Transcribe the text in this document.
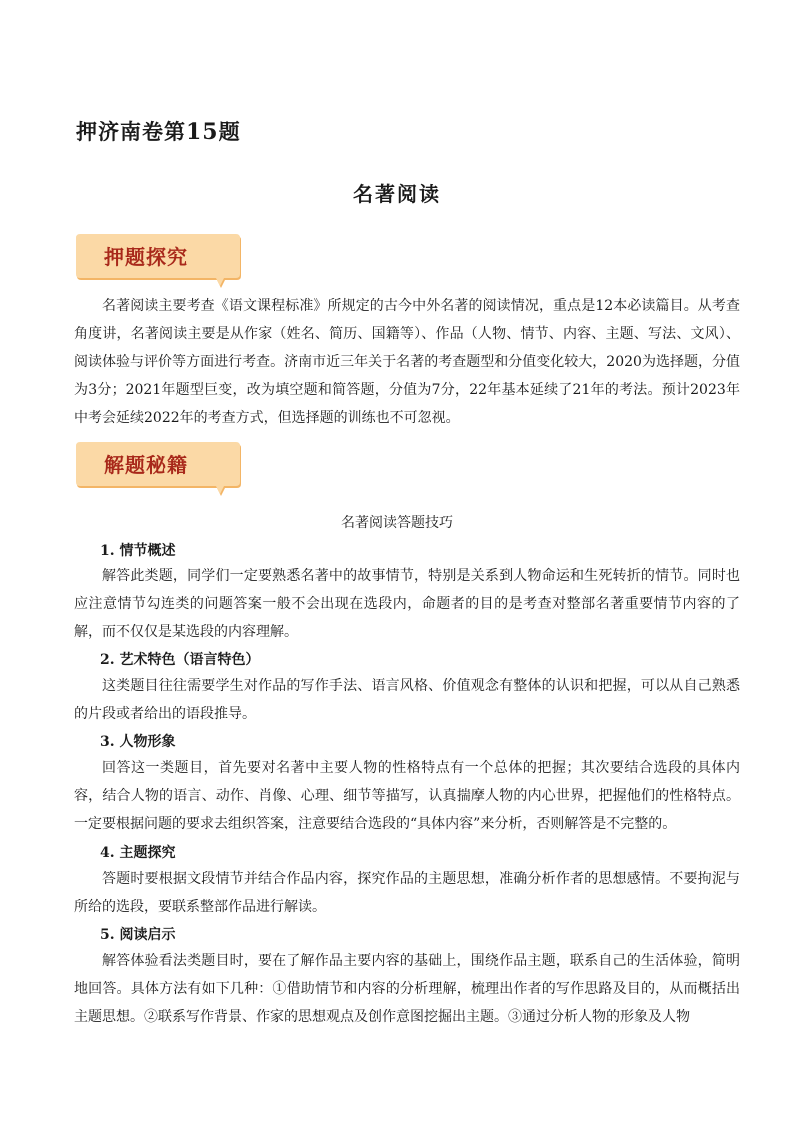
押济南卷第15题
名著阅读
押题探究

名著阅读主要考查《语文课程标准》所规定的古今中外名著的阅读情况，重点是12本必读篇目。从考查角度讲，名著阅读主要是从作家（姓名、简历、国籍等）、作品（人物、情节、内容、主题、写法、文风）、阅读体验与评价等方面进行考查。济南市近三年关于名著的考查题型和分值变化较大，2020为选择题，分值为3分；2021年题型巨变，改为填空题和简答题，分值为7分，22年基本延续了21年的考法。预计2023年中考会延续2022年的考查方式，但选择题的训练也不可忽视。

解题秘籍
名著阅读答题技巧
1. 情节概述

解答此类题，同学们一定要熟悉名著中的故事情节，特别是关系到人物命运和生死转折的情节。同时也应注意情节勾连类的问题答案一般不会出现在选段内，命题者的目的是考查对整部名著重要情节内容的了解，而不仅仅是某选段的内容理解。

2. 艺术特色（语言特色）

这类题目往往需要学生对作品的写作手法、语言风格、价值观念有整体的认识和把握，可以从自己熟悉的片段或者给出的语段推导。

3. 人物形象

回答这一类题目，首先要对名著中主要人物的性格特点有一个总体的把握；其次要结合选段的具体内容，结合人物的语言、动作、肖像、心理、细节等描写，认真揣摩人物的内心世界，把握他们的性格特点。一定要根据问题的要求去组织答案，注意要结合选段的“具体内容”来分析，否则解答是不完整的。

4. 主题探究

答题时要根据文段情节并结合作品内容，探究作品的主题思想，准确分析作者的思想感情。不要拘泥与所给的选段，要联系整部作品进行解读。

5. 阅读启示

解答体验看法类题目时，要在了解作品主要内容的基础上，围绕作品主题，联系自己的生活体验，简明地回答。具体方法有如下几种：①借助情节和内容的分析理解，梳理出作者的写作思路及目的，从而概括出主题思想。②联系写作背景、作家的思想观点及创作意图挖掘出主题。③通过分析人物的形象及人物
